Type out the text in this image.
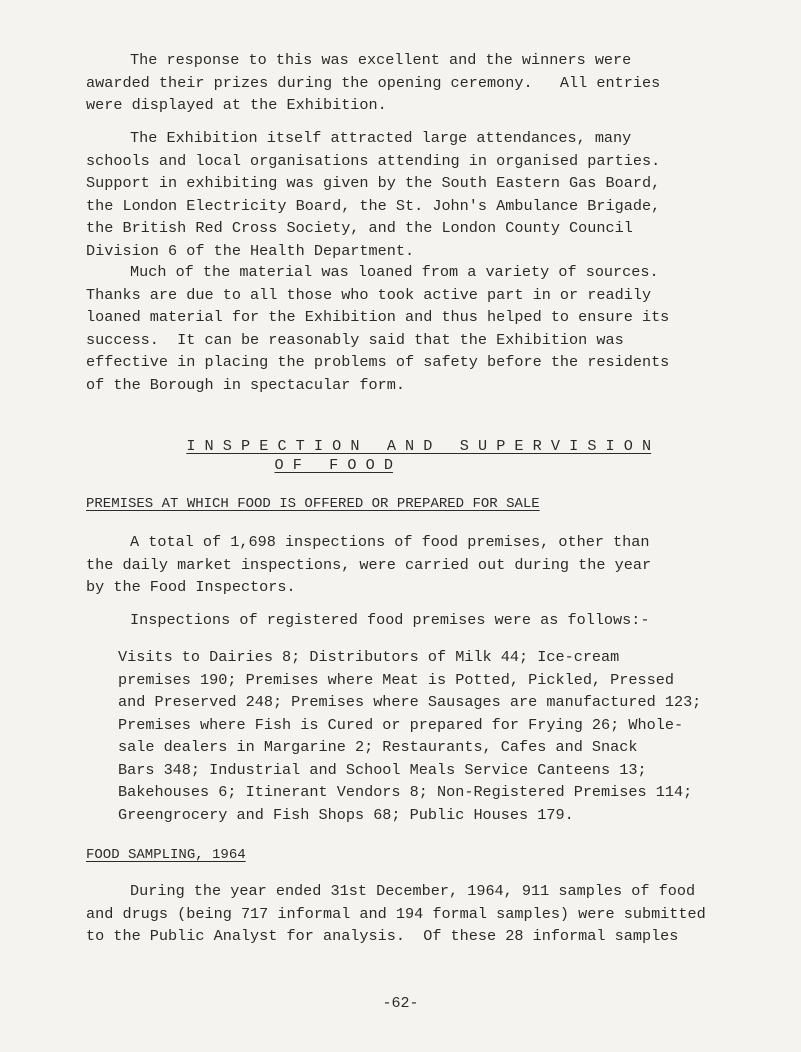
The response to this was excellent and the winners were
awarded their prizes during the opening ceremony.   All entries
were displayed at the Exhibition.
The Exhibition itself attracted large attendances, many
schools and local organisations attending in organised parties.
Support in exhibiting was given by the South Eastern Gas Board,
the London Electricity Board, the St. John's Ambulance Brigade,
the British Red Cross Society, and the London County Council
Division 6 of the Health Department.
Much of the material was loaned from a variety of sources.
Thanks are due to all those who took active part in or readily
loaned material for the Exhibition and thus helped to ensure its
success.  It can be reasonably said that the Exhibition was
effective in placing the problems of safety before the residents
of the Borough in spectacular form.

I N S P E C T I O N   A N D   S U P E R V I S I O N

O F   F O O D

PREMISES AT WHICH FOOD IS OFFERED OR PREPARED FOR SALE
A total of 1,698 inspections of food premises, other than
the daily market inspections, were carried out during the year
by the Food Inspectors.
Inspections of registered food premises were as follows:-
Visits to Dairies 8; Distributors of Milk 44; Ice-cream
premises 190; Premises where Meat is Potted, Pickled, Pressed
and Preserved 248; Premises where Sausages are manufactured 123;
Premises where Fish is Cured or prepared for Frying 26; Whole-
sale dealers in Margarine 2; Restaurants, Cafes and Snack
Bars 348; Industrial and School Meals Service Canteens 13;
Bakehouses 6; Itinerant Vendors 8; Non-Registered Premises 114;
Greengrocery and Fish Shops 68; Public Houses 179.
FOOD SAMPLING, 1964
During the year ended 31st December, 1964, 911 samples of food
and drugs (being 717 informal and 194 formal samples) were submitted
to the Public Analyst for analysis.  Of these 28 informal samples
-62-
